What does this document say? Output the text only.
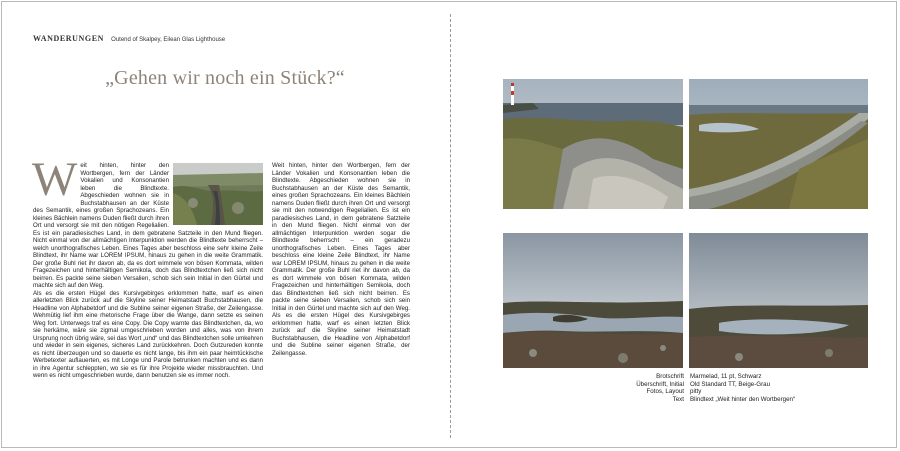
WANDERUNGEN Outend of Skalpey, Eilean Glas Lighthouse
„Gehen wir noch ein Stück?“
W eit hinten, hinter den Wortbergen, fern der Länder Vokalien und Konsonantien leben die Blindtexte. Abgeschieden wohnen sie in Buchstabhausen an der Küste des Semantik, eines großen Sprachozeans. Ein kleines Bächlein namens Duden fließt durch ihren Ort und versorgt sie mit den nötigen Regelialien. Es ist ein paradiesisches Land, in dem gebratene Satzteile in den Mund fliegen. Nicht einmal von der allmächtigen Interpunktion werden die Blindtexte beherrscht – welch unorthografisches Leben. Eines Tages aber beschloss eine sehr kleine Zeile Blindtext, ihr Name war LOREM IPSUM, hinaus zu gehen in die weite Grammatik. Der große Buhl riet ihr davon ab, da es dort wimmele von bösen Kommata, wilden Fragezeichen und hinterhältigen Semikola, doch das Blindtextchen ließ sich nicht beirren. Es packte seine sieben Versalien, schob sich sein Initial in den Gürtel und machte sich auf den Weg.

Als es die ersten Hügel des Kursivgebirges erklommen hatte, warf es einen allerletzten Blick zurück auf die Skyline seiner Heimatstadt Buchstabhausen, die Headline von Alphabetdorf und die Subline seiner eigenen Straße, der Zeilengasse. Wehmütig lief ihm eine rhetorische Frage über die Wange, dann setzte es seinen Weg fort. Unterwegs traf es eine Copy. Die Copy warnte das Blindtextchen, da, wo sie herkäme, wäre sie zigmal umgeschrieben worden und alles, was von ihrem Ursprung noch übrig wäre, sei das Wort „und“ und das Blindtextchen solle umkehren und wieder in sein eigenes, sicheres Land zurückkehren. Doch Gutzureden konnte es nicht überzeugen und so dauerte es nicht lange, bis ihm ein paar heimtückische Werbetexter auflauerten, es mit Longe und Parole betrunken machten und es dann in ihre Agentur schleppten, wo sie es für ihre Projekte wieder missbrauchten. Und wenn es nicht umgeschrieben wurde, dann benutzen sie es immer noch.

Weit hinten, hinter den Wortbergen, fern der Länder Vokalien und Konsonantien leben die Blindtexte. Abgeschieden wohnen sie in Buchstabhausen an der Küste des Semantik, eines großen Sprachozeans. Ein kleines Bächlein namens Duden fließt durch ihren Ort und versorgt sie mit den notwendigen Regelialien. Es ist ein paradiesisches Land, in dem gebratene Satzteile in den Mund fliegen. Nicht einmal von der allmächtigen Interpunktion werden sogar die Blindtexte beherrscht – ein geradezu unorthografisches Leben. Eines Tages aber beschloss eine kleine Zeile Blindtext, ihr Name war LOREM IPSUM, hinaus zu gehen in die weite Grammatik. Der große Buhl riet ihr davon ab, da es dort wimmele von bösen Kommata, wilden Fragezeichen und hinterhältigen Semikola, doch das Blindtextchen ließ sich nicht beirren. Es packte seine sieben Versalien, schob sich sein Initial in den Gürtel und machte sich auf den Weg. Als es die ersten Hügel des Kursivgebirges erklommen hatte, warf es einen letzten Blick zurück auf die Skyline seiner Heimatstadt Buchstabhausen, die Headline von Alphabetdorf und die Subline seiner eigenen Straße, der Zeilengasse.

Brotschrift
Überschrift, Initial
Fotos, Layout
Text
Marmelad, 11 pt, Schwarz
Old Standard TT, Beige-Grau
pitty
Blindtext „Weit hinter den Wortbergen“
